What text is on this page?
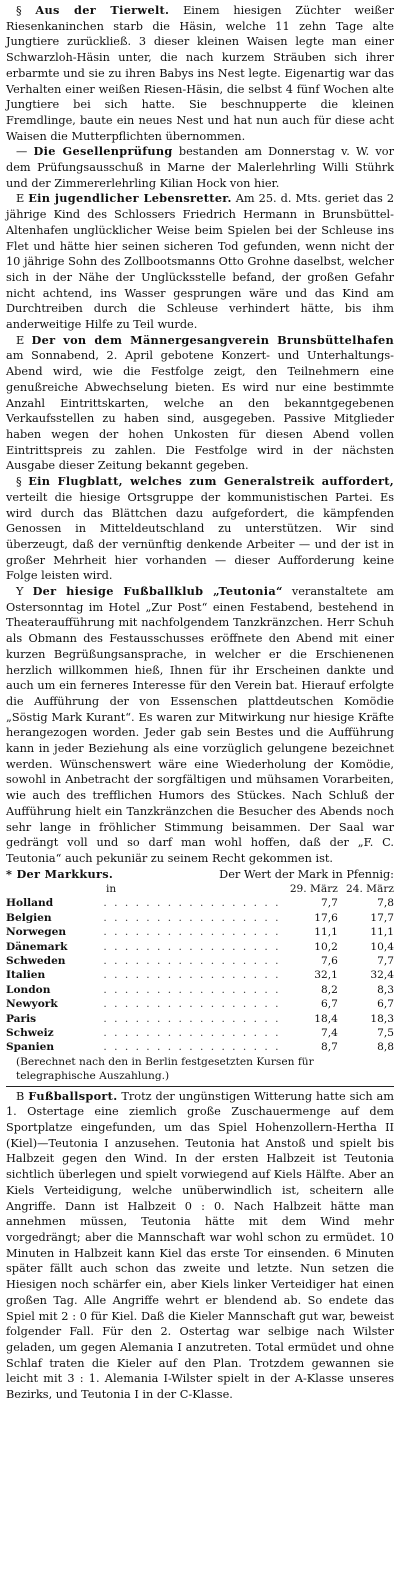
§ Aus der Tierwelt. Einem hiesigen Züchter weißer Riesenkaninchen starb die Häsin, welche 11 zehn Tage alte Jungtiere zurückließ. 3 dieser kleinen Waisen legte man einer Schwarzloh-Häsin unter, die nach kurzem Sträuben sich ihrer erbarmte und sie zu ihren Babys ins Nest legte. Eigenartig war das Verhalten einer weißen Riesen-Häsin, die selbst 4 fünf Wochen alte Jungtiere bei sich hatte. Sie beschnupperte die kleinen Fremdlinge, baute ein neues Nest und hat nun auch für diese acht Waisen die Mutterpflichten übernommen.

— Die Gesellenprüfung bestanden am Donnerstag v. W. vor dem Prüfungsausschuß in Marne der Malerlehrling Willi Stührk und der Zimmererlehrling Kilian Hock von hier.

E Ein jugendlicher Lebensretter. Am 25. d. Mts. geriet das 2 jährige Kind des Schlossers Friedrich Hermann in Brunsbüttel-Altenhafen unglücklicher Weise beim Spielen bei der Schleuse ins Flet und hätte hier seinen sicheren Tod gefunden, wenn nicht der 10 jährige Sohn des Zollbootsmanns Otto Grohne daselbst, welcher sich in der Nähe der Unglücksstelle befand, der großen Gefahr nicht achtend, ins Wasser gesprungen wäre und das Kind am Durchtreiben durch die Schleuse verhindert hätte, bis ihm anderweitige Hilfe zu Teil wurde.

E Der von dem Männergesangverein Brunsbüttelhafen am Sonnabend, 2. April gebotene Konzert- und Unterhaltungs-Abend wird, wie die Festfolge zeigt, den Teilnehmern eine genußreiche Abwechselung bieten. Es wird nur eine bestimmte Anzahl Eintrittskarten, welche an den bekanntgegebenen Verkaufsstellen zu haben sind, ausgegeben. Passive Mitglieder haben wegen der hohen Unkosten für diesen Abend vollen Eintrittspreis zu zahlen. Die Festfolge wird in der nächsten Ausgabe dieser Zeitung bekannt gegeben.

§ Ein Flugblatt, welches zum Generalstreik auffordert, verteilt die hiesige Ortsgruppe der kommunistischen Partei. Es wird durch das Blättchen dazu aufgefordert, die kämpfenden Genossen in Mitteldeutschland zu unterstützen. Wir sind überzeugt, daß der vernünftig denkende Arbeiter — und der ist in großer Mehrheit hier vorhanden — dieser Aufforderung keine Folge leisten wird.

Y Der hiesige Fußballklub „Teutonia“ veranstaltete am Ostersonntag im Hotel „Zur Post“ einen Festabend, bestehend in Theateraufführung mit nachfolgendem Tanzkränzchen. Herr Schuh als Obmann des Festausschusses eröffnete den Abend mit einer kurzen Begrüßungsansprache, in welcher er die Erschienenen herzlich willkommen hieß, Ihnen für ihr Erscheinen dankte und auch um ein ferneres Interesse für den Verein bat. Hierauf erfolgte die Aufführung der von Essenschen plattdeutschen Komödie „Söstig Mark Kurant“. Es waren zur Mitwirkung nur hiesige Kräfte herangezogen worden. Jeder gab sein Bestes und die Aufführung kann in jeder Beziehung als eine vorzüglich gelungene bezeichnet werden. Wünschenswert wäre eine Wiederholung der Komödie, sowohl in Anbetracht der sorgfältigen und mühsamen Vorarbeiten, wie auch des trefflichen Humors des Stückes. Nach Schluß der Aufführung hielt ein Tanzkränzchen die Besucher des Abends noch sehr lange in fröhlicher Stimmung beisammen. Der Saal war gedrängt voll und so darf man wohl hoffen, daß der „F. C. Teutonia“ auch pekuniär zu seinem Recht gekommen ist.

* Der Markkurs.	Der Wert der Mark in Pfennig:
in		29. März	24. März
Holland	. . . . . . . . . . . . . . . . .	7,7	7,8
Belgien	. . . . . . . . . . . . . . . . .	17,6	17,7
Norwegen	. . . . . . . . . . . . . . . . .	11,1	11,1
Dänemark	. . . . . . . . . . . . . . . . .	10,2	10,4
Schweden	. . . . . . . . . . . . . . . . .	7,6	7,7
Italien	. . . . . . . . . . . . . . . . .	32,1	32,4
London	. . . . . . . . . . . . . . . . .	8,2	8,3
Newyork	. . . . . . . . . . . . . . . . .	6,7	6,7
Paris	. . . . . . . . . . . . . . . . .	18,4	18,3
Schweiz	. . . . . . . . . . . . . . . . .	7,4	7,5
Spanien	. . . . . . . . . . . . . . . . .	8,7	8,8

(Berechnet nach den in Berlin festgesetzten Kursen für telegraphische Auszahlung.)

B Fußballsport. Trotz der ungünstigen Witterung hatte sich am 1. Ostertage eine ziemlich große Zuschauermenge auf dem Sportplatze eingefunden, um das Spiel Hohenzollern-Hertha II (Kiel)—Teutonia I anzusehen. Teutonia hat Anstoß und spielt bis Halbzeit gegen den Wind. In der ersten Halbzeit ist Teutonia sichtlich überlegen und spielt vorwiegend auf Kiels Hälfte. Aber an Kiels Verteidigung, welche unüberwindlich ist, scheitern alle Angriffe. Dann ist Halbzeit 0 : 0. Nach Halbzeit hätte man annehmen müssen, Teutonia hätte mit dem Wind mehr vorgedrängt; aber die Mannschaft war wohl schon zu ermüdet. 10 Minuten in Halbzeit kann Kiel das erste Tor einsenden. 6 Minuten später fällt auch schon das zweite und letzte. Nun setzen die Hiesigen noch schärfer ein, aber Kiels linker Verteidiger hat einen großen Tag. Alle Angriffe wehrt er blendend ab. So endete das Spiel mit 2 : 0 für Kiel. Daß die Kieler Mannschaft gut war, beweist folgender Fall. Für den 2. Ostertag war selbige nach Wilster geladen, um gegen Alemania I anzutreten. Total ermüdet und ohne Schlaf traten die Kieler auf den Plan. Trotzdem gewannen sie leicht mit 3 : 1. Alemania I-Wilster spielt in der A-Klasse unseres Bezirks, und Teutonia I in der C-Klasse.
